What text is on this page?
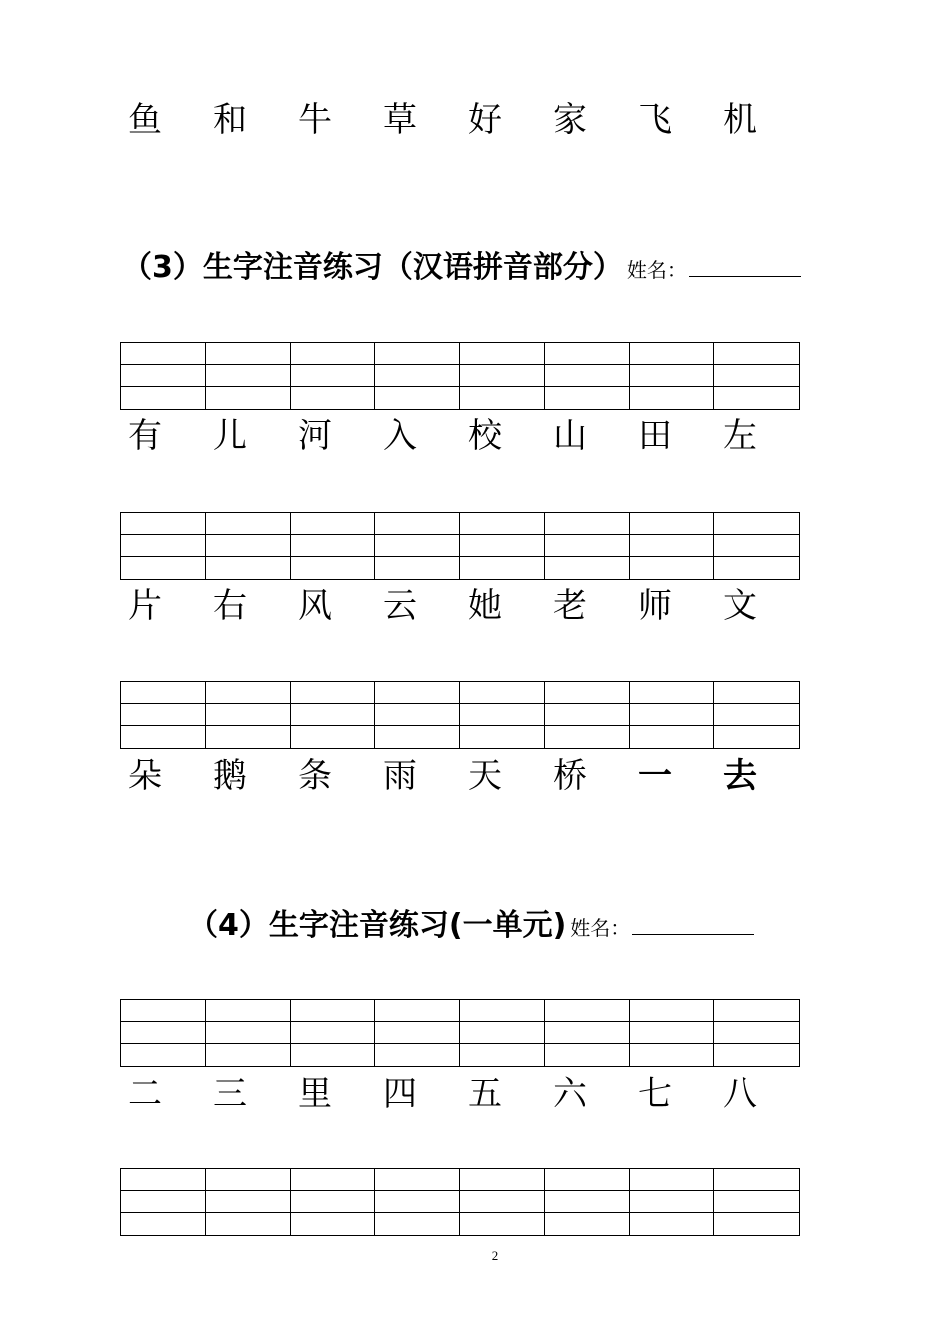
鱼	和	牛	草	好	家	飞	机
（3）生字注音练习（汉语拼音部分） 姓名：
有	儿	河	入	校	山	田	左
片	右	风	云	她	老	师	文
朵	鹅	条	雨	天	桥	一	去
（4）生字注音练习(一单元) 姓名：
二	三	里	四	五	六	七	八
2
